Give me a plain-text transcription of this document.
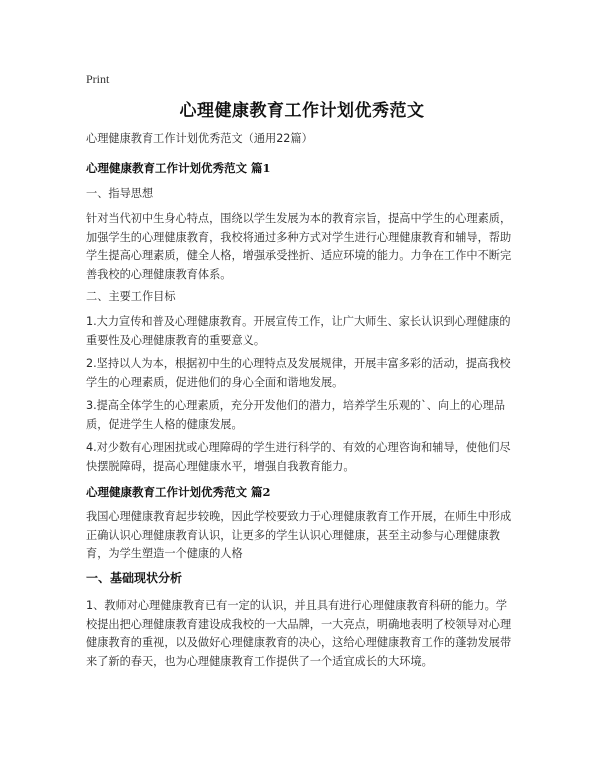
Print
心理健康教育工作计划优秀范文
心理健康教育工作计划优秀范文（通用22篇）
心理健康教育工作计划优秀范文 篇1
一、指导思想
针对当代初中生身心特点，围绕以学生发展为本的教育宗旨，提高中学生的心理素质，加强学生的心理健康教育，我校将通过多种方式对学生进行心理健康教育和辅导，帮助学生提高心理素质，健全人格，增强承受挫折、适应环境的能力。力争在工作中不断完善我校的心理健康教育体系。
二、主要工作目标
1.大力宣传和普及心理健康教育。开展宣传工作，让广大师生、家长认识到心理健康的重要性及心理健康教育的重要意义。
2.坚持以人为本，根据初中生的心理特点及发展规律，开展丰富多彩的活动，提高我校学生的心理素质，促进他们的身心全面和谐地发展。
3.提高全体学生的心理素质，充分开发他们的潜力，培养学生乐观的`、向上的心理品质，促进学生人格的健康发展。
4.对少数有心理困扰或心理障碍的学生进行科学的、有效的心理咨询和辅导，使他们尽快摆脱障碍，提高心理健康水平，增强自我教育能力。
心理健康教育工作计划优秀范文 篇2
我国心理健康教育起步较晚，因此学校要致力于心理健康教育工作开展，在师生中形成正确认识心理健康教育认识，让更多的学生认识心理健康，甚至主动参与心理健康教育，为学生塑造一个健康的人格
一、基础现状分析
1、教师对心理健康教育已有一定的认识，并且具有进行心理健康教育科研的能力。学校提出把心理健康教育建设成我校的一大品牌，一大亮点，明确地表明了校领导对心理健康教育的重视，以及做好心理健康教育的决心，这给心理健康教育工作的蓬勃发展带来了新的春天，也为心理健康教育工作提供了一个适宜成长的大环境。
